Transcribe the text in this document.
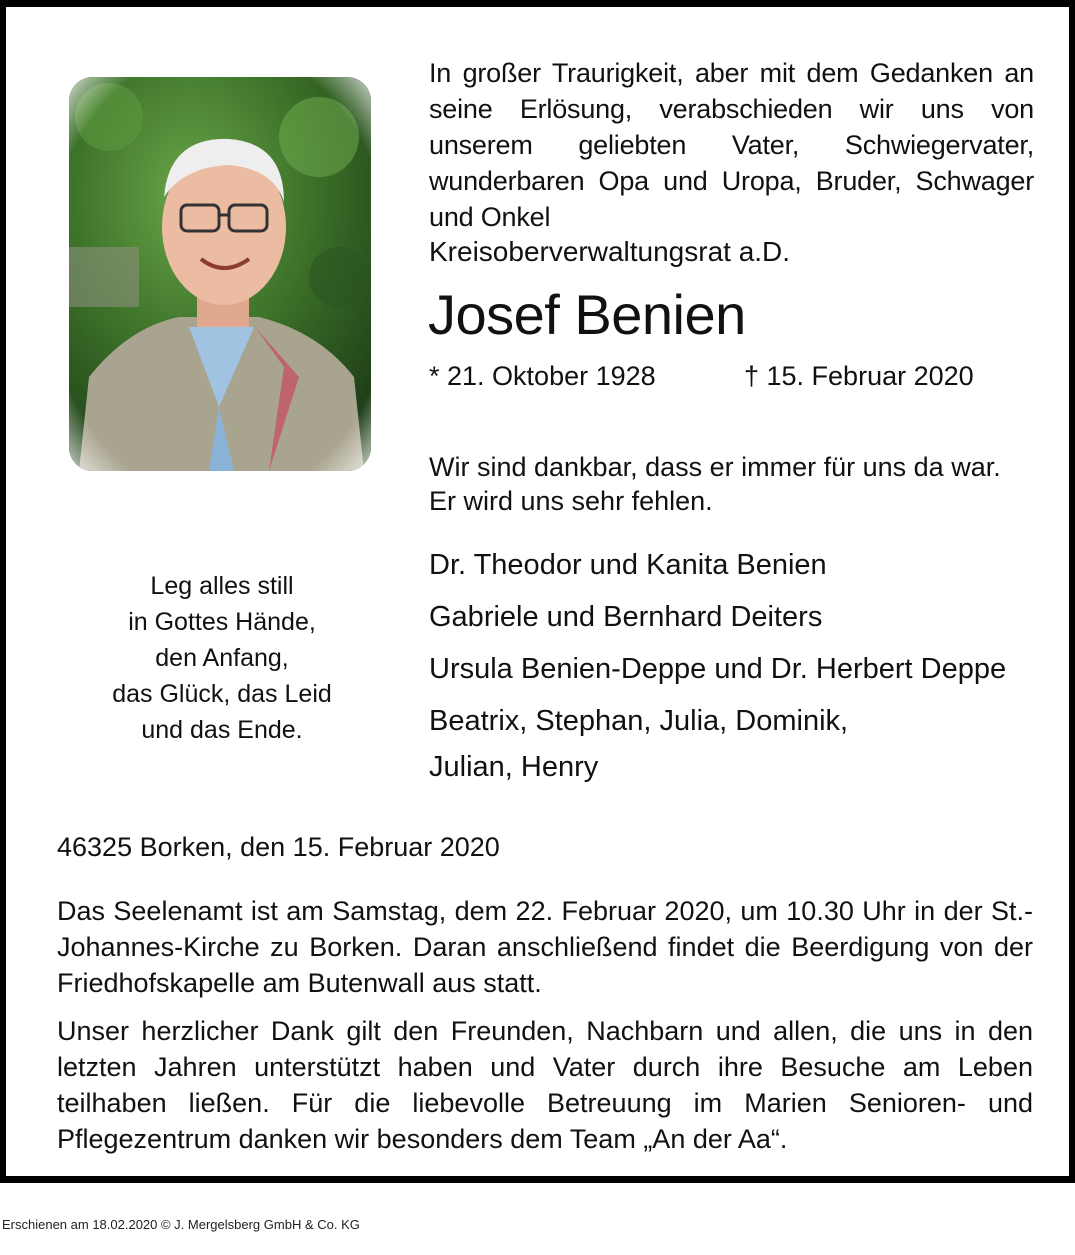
In großer Traurigkeit, aber mit dem Gedanken an seine Erlösung, verabschieden wir uns von unserem geliebten Vater, Schwiegervater, wunderbaren Opa und Uropa, Bruder, Schwager und Onkel
Kreisoberverwaltungsrat a.D.
Josef Benien
* 21. Oktober 1928	† 15. Februar 2020
Wir sind dankbar, dass er immer für uns da war.
Er wird uns sehr fehlen.
Dr. Theodor und Kanita Benien
Gabriele und Bernhard Deiters
Ursula Benien-Deppe und Dr. Herbert Deppe
Beatrix, Stephan, Julia, Dominik,
Julian, Henry
Leg alles still
in Gottes Hände,
den Anfang,
das Glück, das Leid
und das Ende.
46325 Borken, den 15. Februar 2020
Das Seelenamt ist am Samstag, dem 22. Februar 2020, um 10.30 Uhr in der St.-Johannes-Kirche zu Borken. Daran anschließend findet die Beerdigung von der Friedhofskapelle am Butenwall aus statt.
Unser herzlicher Dank gilt den Freunden, Nachbarn und allen, die uns in den letzten Jahren unterstützt haben und Vater durch ihre Besuche am Leben teilhaben ließen. Für die liebevolle Betreuung im Marien Senioren- und Pflegezentrum danken wir besonders dem Team „An der Aa“.
Erschienen am 18.02.2020 © J. Mergelsberg GmbH & Co. KG
